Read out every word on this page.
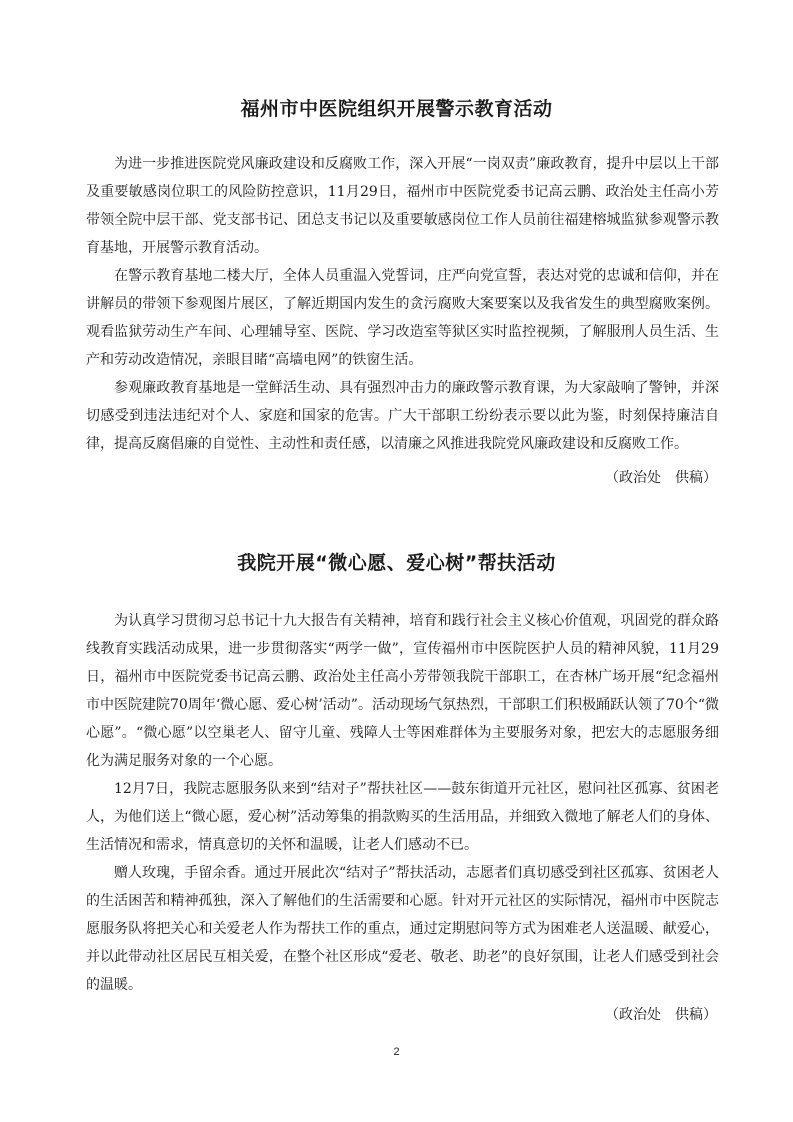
福州市中医院组织开展警示教育活动

为进一步推进医院党风廉政建设和反腐败工作，深入开展“一岗双责”廉政教育，提升中层以上干部及重要敏感岗位职工的风险防控意识，11月29日，福州市中医院党委书记高云鹏、政治处主任高小芳带领全院中层干部、党支部书记、团总支书记以及重要敏感岗位工作人员前往福建榕城监狱参观警示教育基地，开展警示教育活动。

在警示教育基地二楼大厅，全体人员重温入党誓词，庄严向党宣誓，表达对党的忠诚和信仰，并在讲解员的带领下参观图片展区，了解近期国内发生的贪污腐败大案要案以及我省发生的典型腐败案例。观看监狱劳动生产车间、心理辅导室、医院、学习改造室等狱区实时监控视频，了解服刑人员生活、生产和劳动改造情况，亲眼目睹“高墙电网”的铁窗生活。

参观廉政教育基地是一堂鲜活生动、具有强烈冲击力的廉政警示教育课，为大家敲响了警钟，并深切感受到违法违纪对个人、家庭和国家的危害。广大干部职工纷纷表示要以此为鉴，时刻保持廉洁自律，提高反腐倡廉的自觉性、主动性和责任感，以清廉之风推进我院党风廉政建设和反腐败工作。

（政治处　供稿）

我院开展“微心愿、爱心树”帮扶活动

为认真学习贯彻习总书记十九大报告有关精神，培育和践行社会主义核心价值观，巩固党的群众路线教育实践活动成果，进一步贯彻落实“两学一做”，宣传福州市中医院医护人员的精神风貌，11月29日，福州市中医院党委书记高云鹏、政治处主任高小芳带领我院干部职工，在杏林广场开展“纪念福州市中医院建院70周年‘微心愿、爱心树’活动”。活动现场气氛热烈，干部职工们积极踊跃认领了70个“微心愿”。“微心愿”以空巢老人、留守儿童、残障人士等困难群体为主要服务对象，把宏大的志愿服务细化为满足服务对象的一个心愿。

12月7日，我院志愿服务队来到“结对子”帮扶社区——鼓东街道开元社区，慰问社区孤寡、贫困老人，为他们送上“微心愿，爱心树”活动筹集的捐款购买的生活用品，并细致入微地了解老人们的身体、生活情况和需求，情真意切的关怀和温暖，让老人们感动不已。

赠人玫瑰，手留余香。通过开展此次“结对子”帮扶活动，志愿者们真切感受到社区孤寡、贫困老人的生活困苦和精神孤独，深入了解他们的生活需要和心愿。针对开元社区的实际情况，福州市中医院志愿服务队将把关心和关爱老人作为帮扶工作的重点，通过定期慰问等方式为困难老人送温暖、献爱心，并以此带动社区居民互相关爱，在整个社区形成“爱老、敬老、助老”的良好氛围，让老人们感受到社会的温暖。

（政治处　供稿）

2
